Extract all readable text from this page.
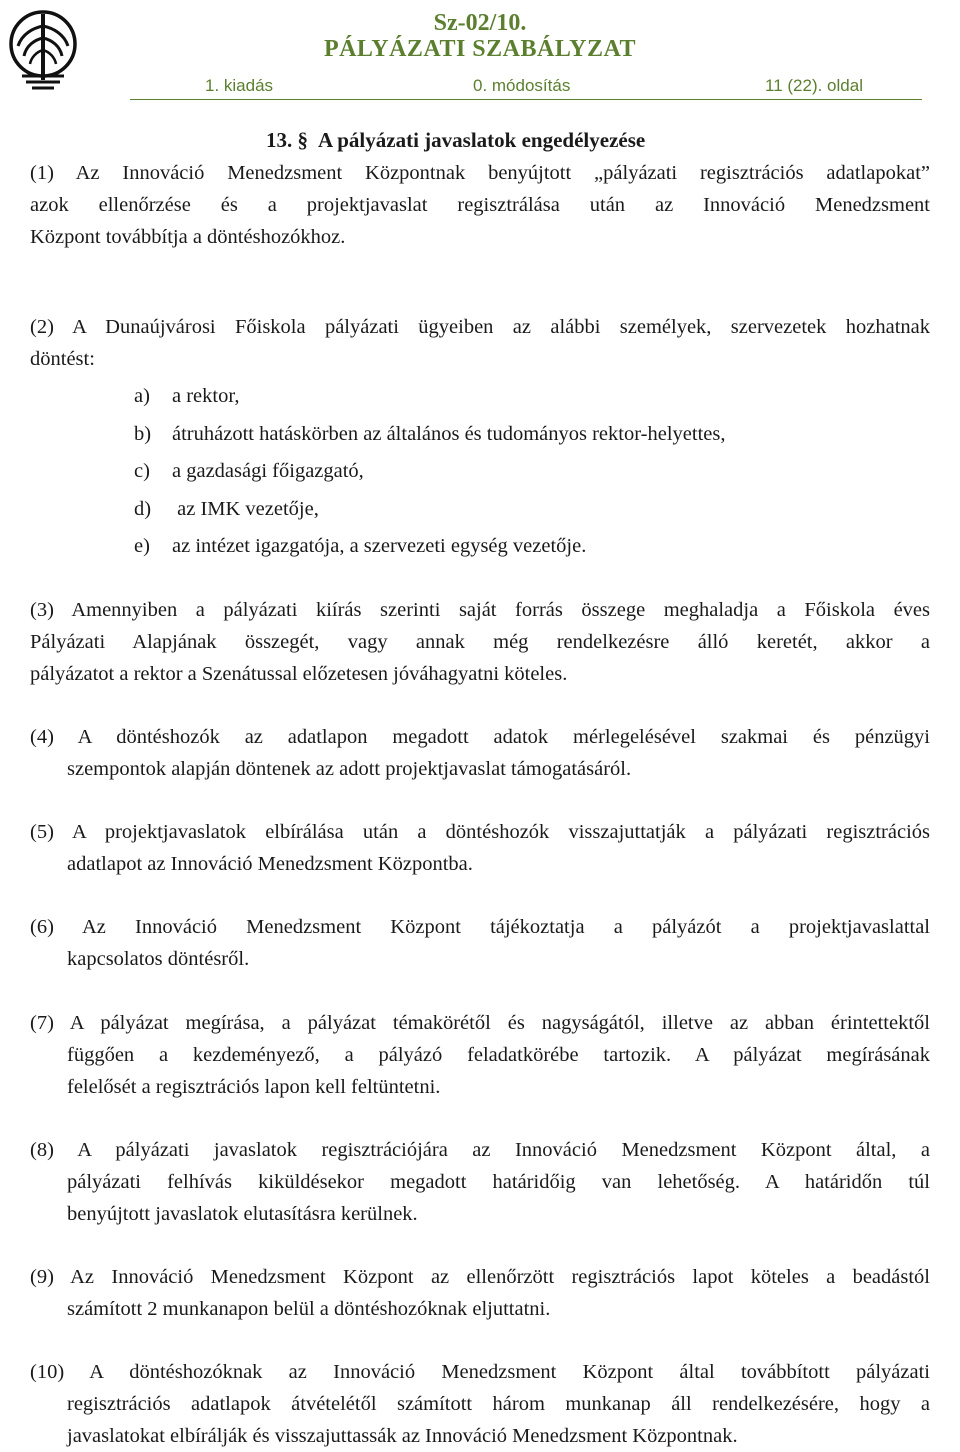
Sz-02/10.
PÁLYÁZATI SZABÁLYZAT
1. kiadás	0. módosítás	11 (22). oldal
13. § A pályázati javaslatok engedélyezése
(1) Az Innováció Menedzsment Központnak benyújtott „pályázati regisztrációs adatlapokat”
azok ellenőrzése és a projektjavaslat regisztrálása után az Innováció Menedzsment
Központ továbbítja a döntéshozókhoz.
(2) A Dunaújvárosi Főiskola pályázati ügyeiben az alábbi személyek, szervezetek hozhatnak
döntést:
a) a rektor,
b) átruházott hatáskörben az általános és tudományos rektor-helyettes,
c) a gazdasági főigazgató,
d) az IMK vezetője,
e) az intézet igazgatója, a szervezeti egység vezetője.
(3) Amennyiben a pályázati kiírás szerinti saját forrás összege meghaladja a Főiskola éves
Pályázati Alapjának összegét, vagy annak még rendelkezésre álló keretét, akkor a
pályázatot a rektor a Szenátussal előzetesen jóváhagyatni köteles.
(4) A döntéshozók az adatlapon megadott adatok mérlegelésével szakmai és pénzügyi
szempontok alapján döntenek az adott projektjavaslat támogatásáról.
(5) A projektjavaslatok elbírálása után a döntéshozók visszajuttatják a pályázati regisztrációs
adatlapot az Innováció Menedzsment Központba.
(6) Az Innováció Menedzsment Központ tájékoztatja a pályázót a projektjavaslattal
kapcsolatos döntésről.
(7) A pályázat megírása, a pályázat témakörétől és nagyságától, illetve az abban érintettektől
függően a kezdeményező, a pályázó feladatkörébe tartozik. A pályázat megírásának
felelősét a regisztrációs lapon kell feltüntetni.
(8) A pályázati javaslatok regisztrációjára az Innováció Menedzsment Központ által, a
pályázati felhívás kiküldésekor megadott határidőig van lehetőség. A határidőn túl
benyújtott javaslatok elutasításra kerülnek.
(9) Az Innováció Menedzsment Központ az ellenőrzött regisztrációs lapot köteles a beadástól
számított 2 munkanapon belül a döntéshozóknak eljuttatni.
(10) A döntéshozóknak az Innováció Menedzsment Központ által továbbított pályázati
regisztrációs adatlapok átvételétől számított három munkanap áll rendelkezésére, hogy a
javaslatokat elbírálják és visszajuttassák az Innováció Menedzsment Központnak.
